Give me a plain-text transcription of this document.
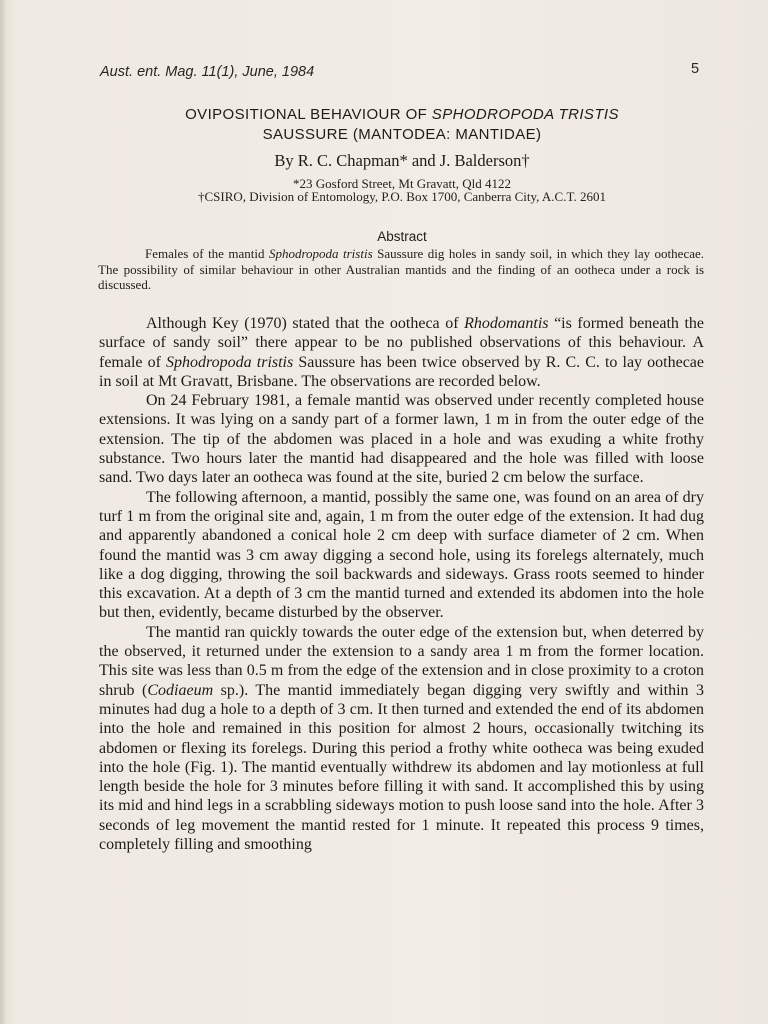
Aust. ent. Mag. 11(1), June, 1984	5
OVIPOSITIONAL BEHAVIOUR OF SPHODROPODA TRISTIS
SAUSSURE (MANTODEA: MANTIDAE)
By R. C. Chapman* and J. Balderson†
*23 Gosford Street, Mt Gravatt, Qld 4122
†CSIRO, Division of Entomology, P.O. Box 1700, Canberra City, A.C.T. 2601
Abstract
Females of the mantid Sphodropoda tristis Saussure dig holes in sandy soil, in which they lay oothecae. The possibility of similar behaviour in other Australian mantids and the finding of an ootheca under a rock is discussed.

Although Key (1970) stated that the ootheca of Rhodomantis “is formed beneath the surface of sandy soil” there appear to be no published observations of this behaviour. A female of Sphodropoda tristis Saussure has been twice observed by R. C. C. to lay oothecae in soil at Mt Gravatt, Brisbane. The observations are recorded below.

On 24 February 1981, a female mantid was observed under recently completed house extensions. It was lying on a sandy part of a former lawn, 1 m in from the outer edge of the extension. The tip of the abdomen was placed in a hole and was exuding a white frothy substance. Two hours later the mantid had disappeared and the hole was filled with loose sand. Two days later an ootheca was found at the site, buried 2 cm below the surface.

The following afternoon, a mantid, possibly the same one, was found on an area of dry turf 1 m from the original site and, again, 1 m from the outer edge of the extension. It had dug and apparently abandoned a conical hole 2 cm deep with surface diameter of 2 cm. When found the mantid was 3 cm away digging a second hole, using its forelegs alternately, much like a dog digging, throwing the soil backwards and sideways. Grass roots seemed to hinder this excavation. At a depth of 3 cm the mantid turned and extended its abdomen into the hole but then, evidently, became disturbed by the observer.

The mantid ran quickly towards the outer edge of the extension but, when deterred by the observed, it returned under the extension to a sandy area 1 m from the former location. This site was less than 0.5 m from the edge of the extension and in close proximity to a croton shrub (Codiaeum sp.). The mantid immediately began digging very swiftly and within 3 minutes had dug a hole to a depth of 3 cm. It then turned and extended the end of its abdomen into the hole and remained in this position for almost 2 hours, occasionally twitching its abdomen or flexing its forelegs. During this period a frothy white ootheca was being exuded into the hole (Fig. 1). The mantid eventually withdrew its abdomen and lay motionless at full length beside the hole for 3 minutes before filling it with sand. It accomplished this by using its mid and hind legs in a scrabbling sideways motion to push loose sand into the hole. After 3 seconds of leg movement the mantid rested for 1 minute. It repeated this process 9 times, completely filling and smoothing
